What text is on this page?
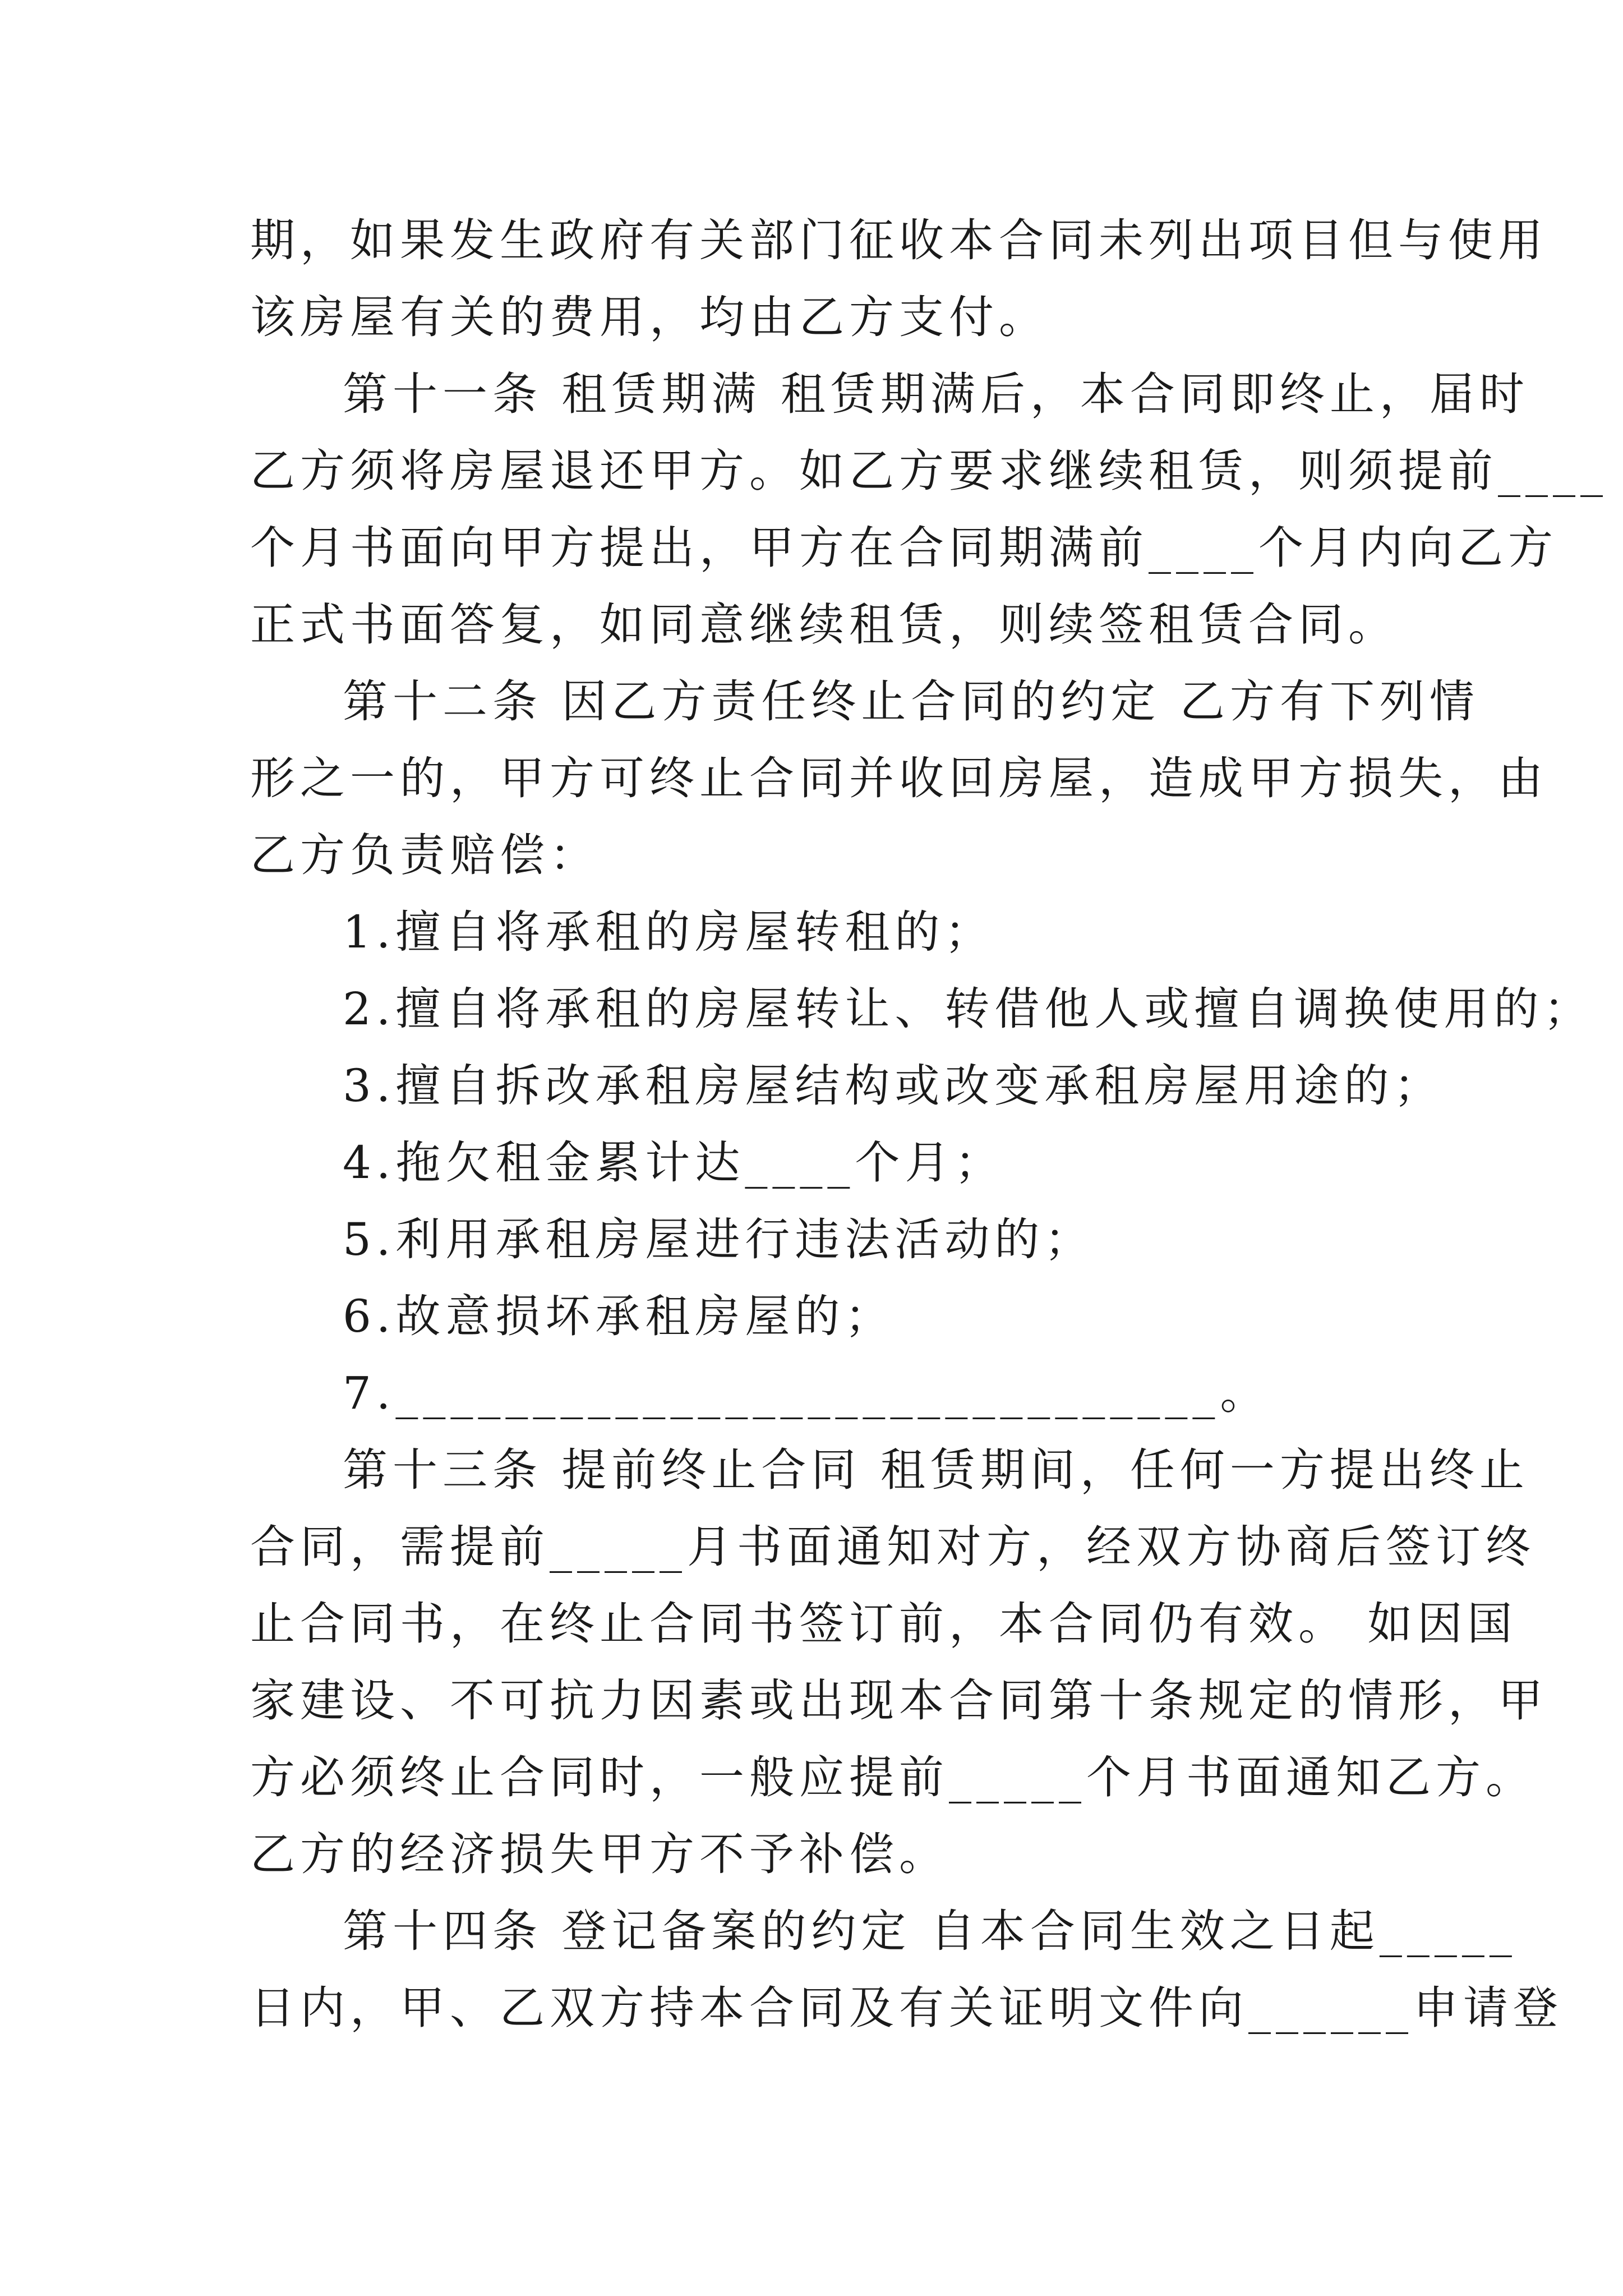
期，如果发生政府有关部门征收本合同未列出项目但与使用
该房屋有关的费用，均由乙方支付。
第十一条 租赁期满 租赁期满后，本合同即终止，届时
乙方须将房屋退还甲方。如乙方要求继续租赁，则须提前____
个月书面向甲方提出，甲方在合同期满前____个月内向乙方
正式书面答复，如同意继续租赁，则续签租赁合同。
第十二条 因乙方责任终止合同的约定 乙方有下列情
形之一的，甲方可终止合同并收回房屋，造成甲方损失，由
乙方负责赔偿：
1.擅自将承租的房屋转租的；
2.擅自将承租的房屋转让、转借他人或擅自调换使用的；
3.擅自拆改承租房屋结构或改变承租房屋用途的；
4.拖欠租金累计达____个月；
5.利用承租房屋进行违法活动的；
6.故意损坏承租房屋的；
7.______________________________。
第十三条 提前终止合同 租赁期间，任何一方提出终止
合同，需提前_____月书面通知对方，经双方协商后签订终
止合同书，在终止合同书签订前，本合同仍有效。 如因国
家建设、不可抗力因素或出现本合同第十条规定的情形，甲
方必须终止合同时，一般应提前_____个月书面通知乙方。
乙方的经济损失甲方不予补偿。
第十四条 登记备案的约定 自本合同生效之日起_____
日内，甲、乙双方持本合同及有关证明文件向______申请登
